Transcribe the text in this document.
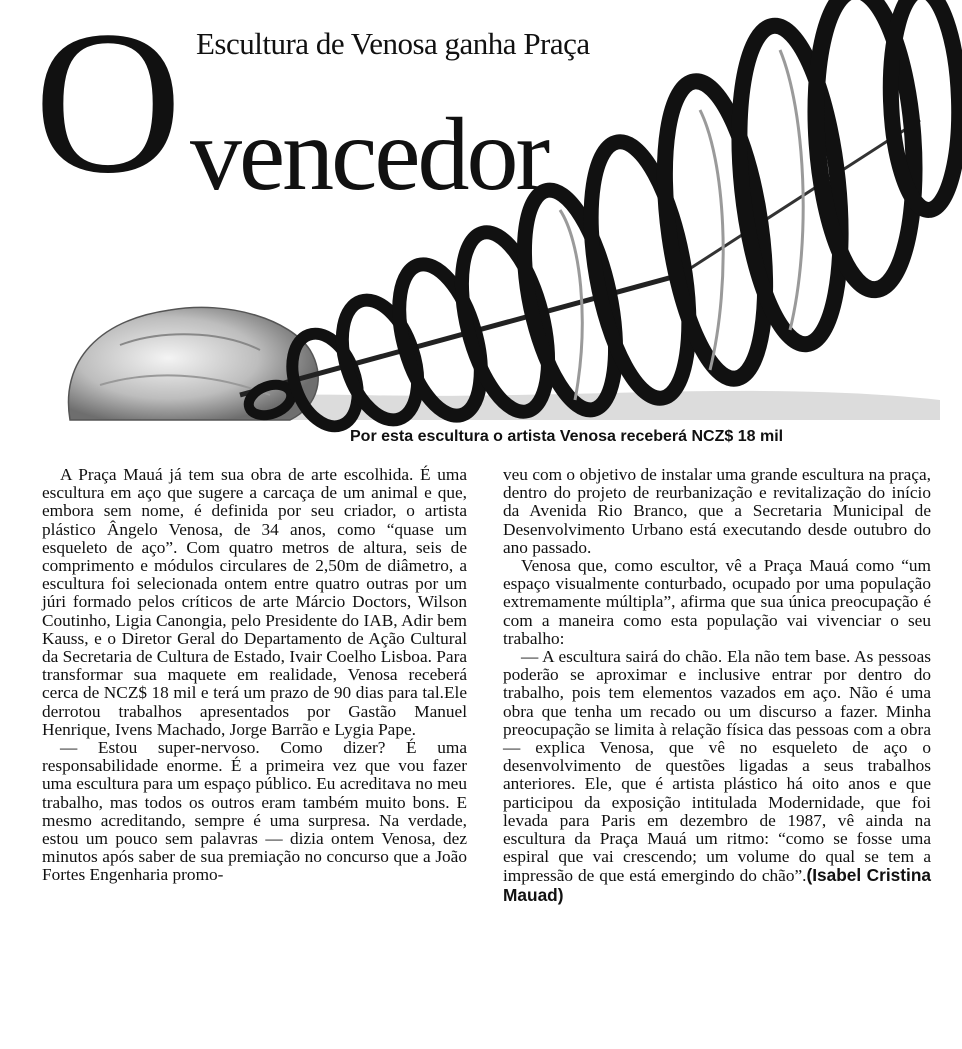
Escultura de Venosa ganha Praça
O vencedor
Por esta escultura o artista Venosa receberá NCZ$ 18 mil

A Praça Mauá já tem sua obra de arte escolhida. É uma escultura em aço que sugere a carcaça de um animal e que, embora sem nome, é definida por seu criador, o artista plástico Ângelo Venosa, de 34 anos, como “quase um esqueleto de aço”. Com quatro metros de altura, seis de comprimento e módulos circulares de 2,50m de diâmetro, a escultura foi selecionada ontem entre quatro outras por um júri formado pelos críticos de arte Márcio Doctors, Wilson Coutinho, Ligia Canongia, pelo Presidente do IAB, Adir bem Kauss, e o Diretor Geral do Departamento de Ação Cultural da Secretaria de Cultura de Estado, Ivair Coelho Lisboa. Para transformar sua maquete em realidade, Venosa receberá cerca de NCZ$ 18 mil e terá um prazo de 90 dias para tal.Ele derrotou trabalhos apresentados por Gastão Manuel Henrique, Ivens Machado, Jorge Barrão e Lygia Pape.

— Estou super-nervoso. Como dizer? É uma responsabilidade enorme. É a primeira vez que vou fazer uma escultura para um espaço público. Eu acreditava no meu trabalho, mas todos os outros eram também muito bons. E mesmo acreditando, sempre é uma surpresa. Na verdade, estou um pouco sem palavras — dizia ontem Venosa, dez minutos após saber de sua premiação no concurso que a João Fortes Engenharia promo-

veu com o objetivo de instalar uma grande escultura na praça, dentro do projeto de reurbanização e revitalização do início da Avenida Rio Branco, que a Secretaria Municipal de Desenvolvimento Urbano está executando desde outubro do ano passado.

Venosa que, como escultor, vê a Praça Mauá como “um espaço visualmente conturbado, ocupado por uma população extremamente múltipla”, afirma que sua única preocupação é com a maneira como esta população vai vivenciar o seu trabalho:

— A escultura sairá do chão. Ela não tem base. As pessoas poderão se aproximar e inclusive entrar por dentro do trabalho, pois tem elementos vazados em aço. Não é uma obra que tenha um recado ou um discurso a fazer. Minha preocupação se limita à relação física das pessoas com a obra — explica Venosa, que vê no esqueleto de aço o desenvolvimento de questões ligadas a seus trabalhos anteriores. Ele, que é artista plástico há oito anos e que participou da exposição intitulada Modernidade, que foi levada para Paris em dezembro de 1987, vê ainda na escultura da Praça Mauá um ritmo: “como se fosse uma espiral que vai crescendo; um volume do qual se tem a impressão de que está emergindo do chão”.(Isabel Cristina Mauad)
